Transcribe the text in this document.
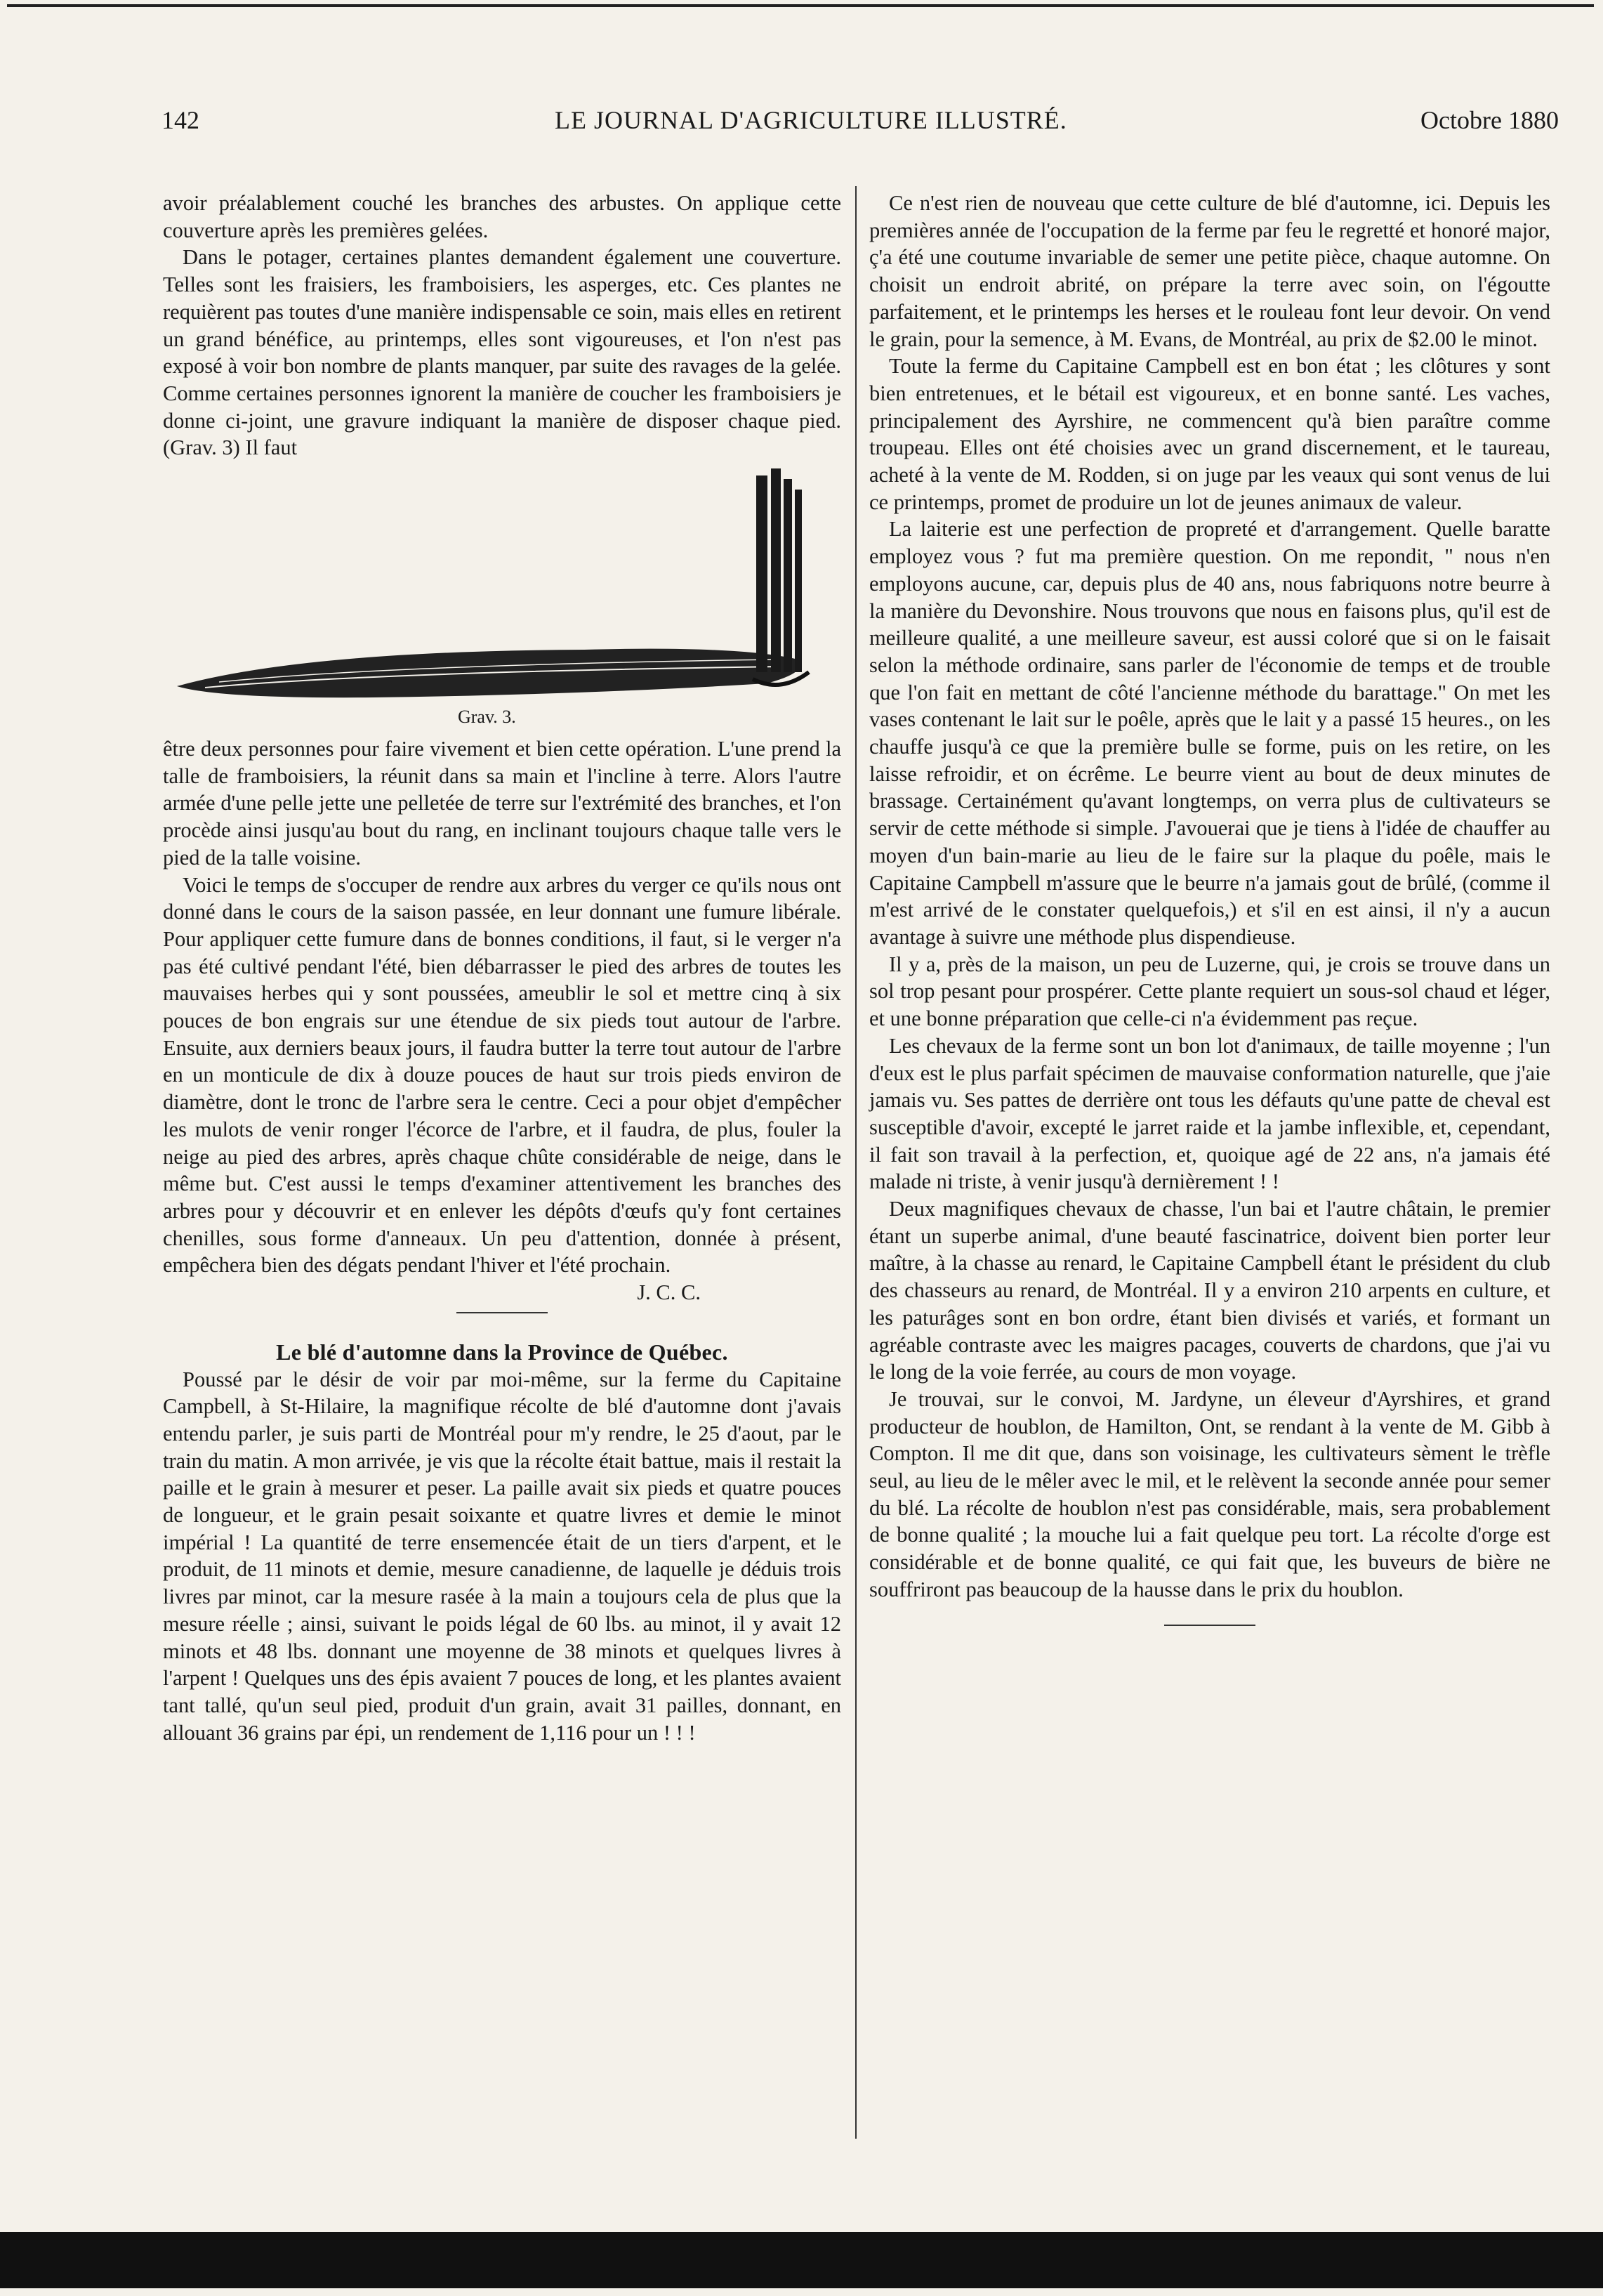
142	LE JOURNAL D'AGRICULTURE ILLUSTRÉ.	Octobre 1880

avoir préalablement couché les branches des arbustes. On applique cette couverture après les premières gelées.

Dans le potager, certaines plantes demandent également une couverture. Telles sont les fraisiers, les framboisiers, les asperges, etc. Ces plantes ne requièrent pas toutes d'une manière indispensable ce soin, mais elles en retirent un grand bénéfice, au printemps, elles sont vigoureuses, et l'on n'est pas exposé à voir bon nombre de plants manquer, par suite des ravages de la gelée. Comme certaines personnes ignorent la manière de coucher les framboisiers je donne ci-joint, une gravure indiquant la manière de disposer chaque pied. (Grav. 3) Il faut

Grav. 3.

être deux personnes pour faire vivement et bien cette opération. L'une prend la talle de framboisiers, la réunit dans sa main et l'incline à terre. Alors l'autre armée d'une pelle jette une pelletée de terre sur l'extrémité des branches, et l'on procède ainsi jusqu'au bout du rang, en inclinant toujours chaque talle vers le pied de la talle voisine.

Voici le temps de s'occuper de rendre aux arbres du verger ce qu'ils nous ont donné dans le cours de la saison passée, en leur donnant une fumure libérale. Pour appliquer cette fumure dans de bonnes conditions, il faut, si le verger n'a pas été cultivé pendant l'été, bien débarrasser le pied des arbres de toutes les mauvaises herbes qui y sont poussées, ameublir le sol et mettre cinq à six pouces de bon engrais sur une étendue de six pieds tout autour de l'arbre. Ensuite, aux derniers beaux jours, il faudra butter la terre tout autour de l'arbre en un monticule de dix à douze pouces de haut sur trois pieds environ de diamètre, dont le tronc de l'arbre sera le centre. Ceci a pour objet d'empêcher les mulots de venir ronger l'écorce de l'arbre, et il faudra, de plus, fouler la neige au pied des arbres, après chaque chûte considérable de neige, dans le même but. C'est aussi le temps d'examiner attentivement les branches des arbres pour y découvrir et en enlever les dépôts d'œufs qu'y font certaines chenilles, sous forme d'anneaux. Un peu d'attention, donnée à présent, empêchera bien des dégats pendant l'hiver et l'été prochain.

J. C. C.

Le blé d'automne dans la Province de Québec.

Poussé par le désir de voir par moi-même, sur la ferme du Capitaine Campbell, à St-Hilaire, la magnifique récolte de blé d'automne dont j'avais entendu parler, je suis parti de Montréal pour m'y rendre, le 25 d'aout, par le train du matin. A mon arrivée, je vis que la récolte était battue, mais il restait la paille et le grain à mesurer et peser. La paille avait six pieds et quatre pouces de longueur, et le grain pesait soixante et quatre livres et demie le minot impérial ! La quantité de terre ensemencée était de un tiers d'arpent, et le produit, de 11 minots et demie, mesure canadienne, de laquelle je déduis trois livres par minot, car la mesure rasée à la main a toujours cela de plus que la mesure réelle ; ainsi, suivant le poids légal de 60 lbs. au minot, il y avait 12 minots et 48 lbs. donnant une moyenne de 38 minots et quelques livres à l'arpent ! Quelques uns des épis avaient 7 pouces de long, et les plantes avaient tant tallé, qu'un seul pied, produit d'un grain, avait 31 pailles, donnant, en allouant 36 grains par épi, un rendement de 1,116 pour un ! ! !

Ce n'est rien de nouveau que cette culture de blé d'automne, ici. Depuis les premières année de l'occupation de la ferme par feu le regretté et honoré major, ç'a été une coutume invariable de semer une petite pièce, chaque automne. On choisit un endroit abrité, on prépare la terre avec soin, on l'égoutte parfaitement, et le printemps les herses et le rouleau font leur devoir. On vend le grain, pour la semence, à M. Evans, de Montréal, au prix de $2.00 le minot.

Toute la ferme du Capitaine Campbell est en bon état ; les clôtures y sont bien entretenues, et le bétail est vigoureux, et en bonne santé. Les vaches, principalement des Ayrshire, ne commencent qu'à bien paraître comme troupeau. Elles ont été choisies avec un grand discernement, et le taureau, acheté à la vente de M. Rodden, si on juge par les veaux qui sont venus de lui ce printemps, promet de produire un lot de jeunes animaux de valeur.

La laiterie est une perfection de propreté et d'arrangement. Quelle baratte employez vous ? fut ma première question. On me repondit, " nous n'en employons aucune, car, depuis plus de 40 ans, nous fabriquons notre beurre à la manière du Devonshire. Nous trouvons que nous en faisons plus, qu'il est de meilleure qualité, a une meilleure saveur, est aussi coloré que si on le faisait selon la méthode ordinaire, sans parler de l'économie de temps et de trouble que l'on fait en mettant de côté l'ancienne méthode du barattage." On met les vases contenant le lait sur le poêle, après que le lait y a passé 15 heures., on les chauffe jusqu'à ce que la première bulle se forme, puis on les retire, on les laisse refroidir, et on écrême. Le beurre vient au bout de deux minutes de brassage. Certainément qu'avant longtemps, on verra plus de cultivateurs se servir de cette méthode si simple. J'avouerai que je tiens à l'idée de chauffer au moyen d'un bain-marie au lieu de le faire sur la plaque du poêle, mais le Capitaine Campbell m'assure que le beurre n'a jamais gout de brûlé, (comme il m'est arrivé de le constater quelquefois,) et s'il en est ainsi, il n'y a aucun avantage à suivre une méthode plus dispendieuse.

Il y a, près de la maison, un peu de Luzerne, qui, je crois se trouve dans un sol trop pesant pour prospérer. Cette plante requiert un sous-sol chaud et léger, et une bonne préparation que celle-ci n'a évidemment pas reçue.

Les chevaux de la ferme sont un bon lot d'animaux, de taille moyenne ; l'un d'eux est le plus parfait spécimen de mauvaise conformation naturelle, que j'aie jamais vu. Ses pattes de derrière ont tous les défauts qu'une patte de cheval est susceptible d'avoir, excepté le jarret raide et la jambe inflexible, et, cependant, il fait son travail à la perfection, et, quoique agé de 22 ans, n'a jamais été malade ni triste, à venir jusqu'à dernièrement ! !

Deux magnifiques chevaux de chasse, l'un bai et l'autre châtain, le premier étant un superbe animal, d'une beauté fascinatrice, doivent bien porter leur maître, à la chasse au renard, le Capitaine Campbell étant le président du club des chasseurs au renard, de Montréal. Il y a environ 210 arpents en culture, et les paturâges sont en bon ordre, étant bien divisés et variés, et formant un agréable contraste avec les maigres pacages, couverts de chardons, que j'ai vu le long de la voie ferrée, au cours de mon voyage.

Je trouvai, sur le convoi, M. Jardyne, un éleveur d'Ayrshires, et grand producteur de houblon, de Hamilton, Ont, se rendant à la vente de M. Gibb à Compton. Il me dit que, dans son voisinage, les cultivateurs sèment le trèfle seul, au lieu de le mêler avec le mil, et le relèvent la seconde année pour semer du blé. La récolte de houblon n'est pas considérable, mais, sera probablement de bonne qualité ; la mouche lui a fait quelque peu tort. La récolte d'orge est considérable et de bonne qualité, ce qui fait que, les buveurs de bière ne souffriront pas beaucoup de la hausse dans le prix du houblon.
